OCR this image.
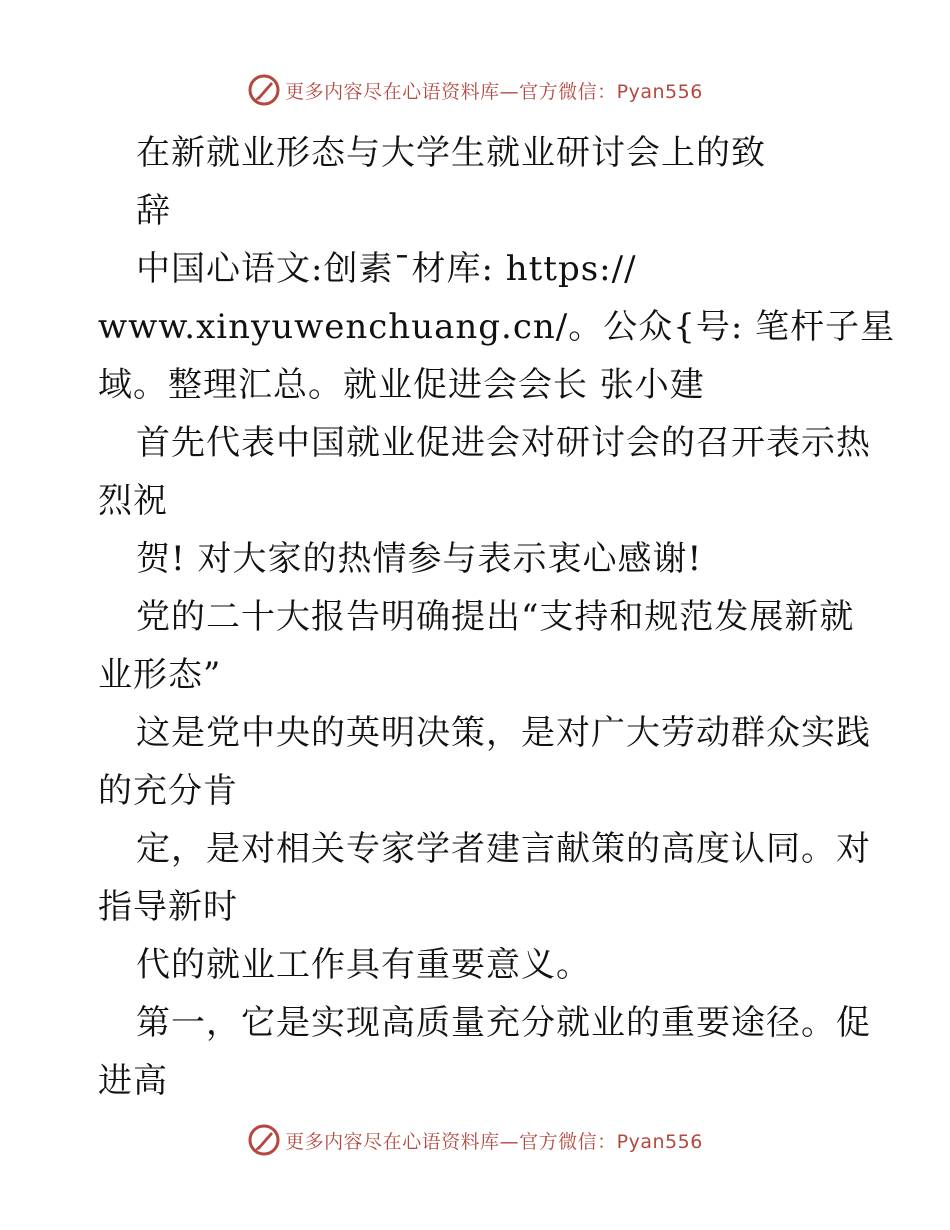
更多内容尽在心语资料库—官方微信：Pyan556
在新就业形态与大学生就业研讨会上的致
辞
中国心语文:创素¯材库: https://
www.xinyuwenchuang.cn/。公众{号: 笔杆子星
域。整理汇总。就业促进会会长 张小建
首先代表中国就业促进会对研讨会的召开表示热
烈祝
贺! 对大家的热情参与表示衷心感谢!
党的二十大报告明确提出“支持和规范发展新就
业形态”
这是党中央的英明决策，是对广大劳动群众实践
的充分肯
定，是对相关专家学者建言献策的高度认同。对
指导新时
代的就业工作具有重要意义。
第一，它是实现高质量充分就业的重要途径。促
进高
更多内容尽在心语资料库—官方微信：Pyan556
